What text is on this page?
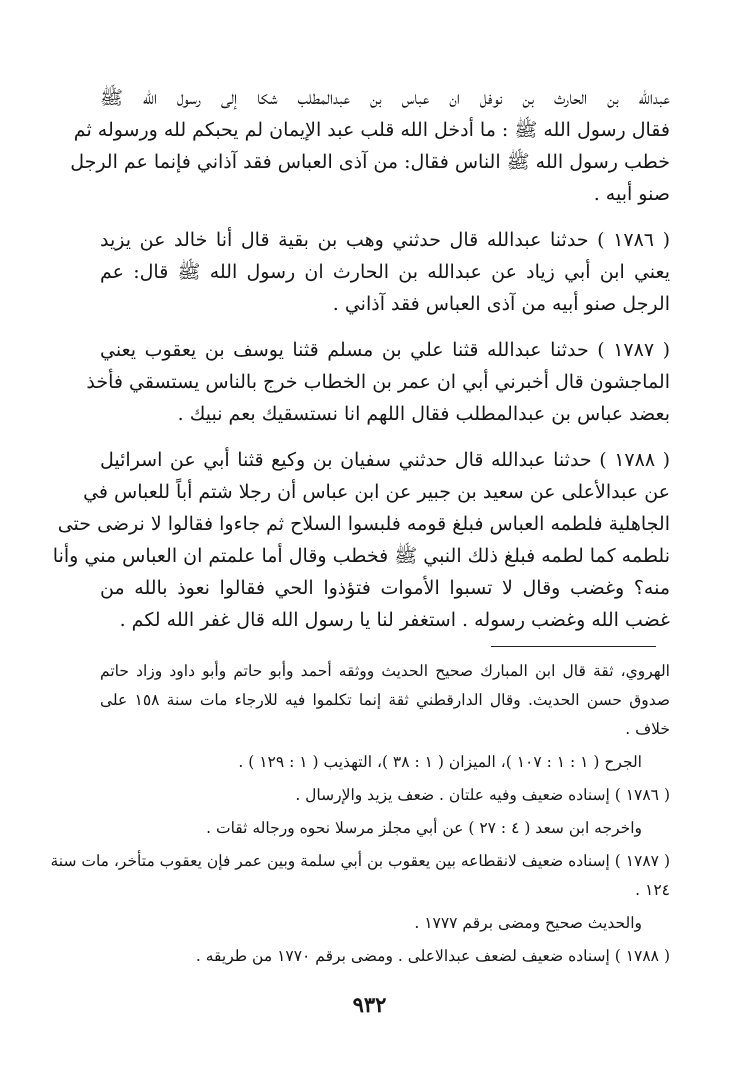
عبدالله بن الحارث بن نوفل ان عباس بن عبدالمطلب شكا إلى رسول الله ﷺ
فقال رسول الله ﷺ : ما أدخل الله قلب عبد الإيمان لم يحبكم لله ورسوله ثم
خطب رسول الله ﷺ الناس فقال: من آذى العباس فقد آذاني فإنما عم الرجل
صنو أبيه .

( ١٧٨٦ ) حدثنا عبدالله قال حدثني وهب بن بقية قال أنا خالد عن يزيد
يعني ابن أبي زياد عن عبدالله بن الحارث ان رسول الله ﷺ قال: عم
الرجل صنو أبيه من آذى العباس فقد آذاني .

( ١٧٨٧ ) حدثنا عبدالله قثنا علي بن مسلم قثنا يوسف بن يعقوب يعني
الماجشون قال أخبرني أبي ان عمر بن الخطاب خرج بالناس يستسقي فأخذ
بعضد عباس بن عبدالمطلب فقال اللهم انا نستسقيك بعم نبيك .

( ١٧٨٨ ) حدثنا عبدالله قال حدثني سفيان بن وكيع قثنا أبي عن اسرائيل
عن عبدالأعلى عن سعيد بن جبير عن ابن عباس أن رجلا شتم أباً للعباس في
الجاهلية فلطمه العباس فبلغ قومه فلبسوا السلاح ثم جاءوا فقالوا لا نرضى حتى
نلطمه كما لطمه فبلغ ذلك النبي ﷺ فخطب وقال أما علمتم ان العباس مني وأنا
منه؟ وغضب وقال لا تسبوا الأموات فتؤذوا الحي فقالوا نعوذ بالله من
غضب الله وغضب رسوله . استغفر لنا يا رسول الله قال غفر الله لكم .

الهروي، ثقة قال ابن المبارك صحيح الحديث ووثقه أحمد وأبو حاتم وأبو داود وزاد حاتم
صدوق حسن الحديث. وقال الدارقطني ثقة إنما تكلموا فيه للارجاء مات سنة ١٥٨ على
خلاف .

الجرح ( ١ : ١ : ١٠٧ )، الميزان ( ١ : ٣٨ )، التهذيب ( ١ : ١٢٩ ) .

( ١٧٨٦ ) إسناده ضعيف وفيه علتان . ضعف يزيد والإرسال .

واخرجه ابن سعد ( ٤ : ٢٧ ) عن أبي مجلز مرسلا نحوه ورجاله ثقات .

( ١٧٨٧ ) إسناده ضعيف لانقطاعه بين يعقوب بن أبي سلمة وبين عمر فإن يعقوب متأخر، مات سنة
١٢٤ .

والحديث صحيح ومضى برقم ١٧٧٧ .

( ١٧٨٨ ) إسناده ضعيف لضعف عبدالاعلى . ومضى برقم ١٧٧٠ من طريقه .

٩٣٢
